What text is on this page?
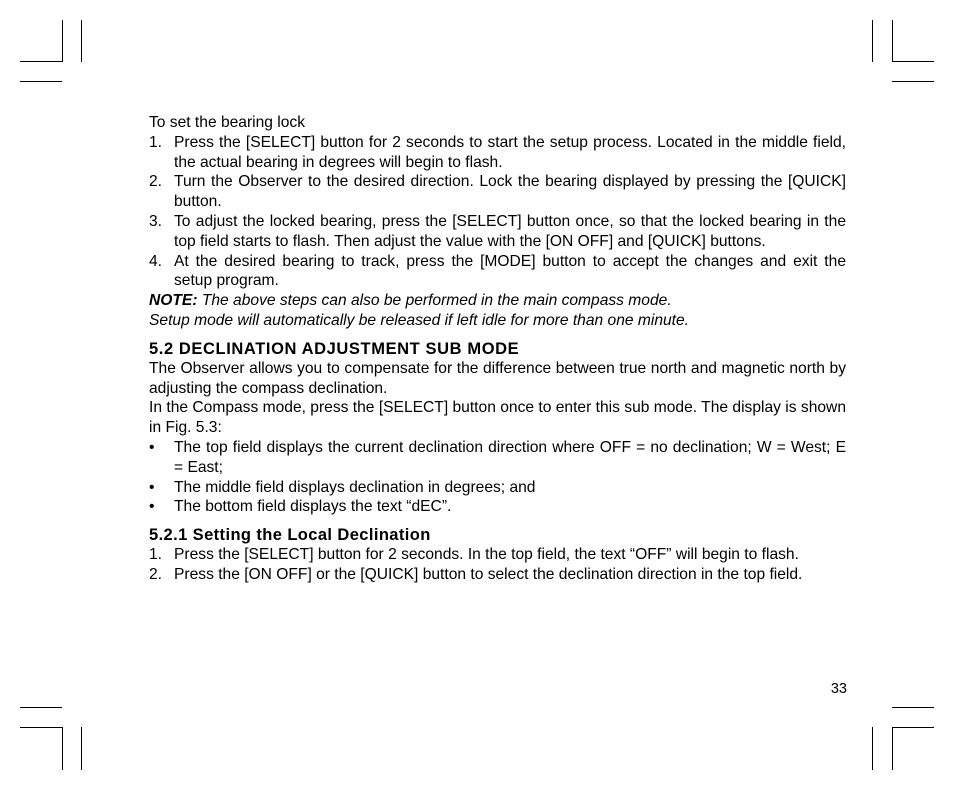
To set the bearing lock

1. Press the [SELECT] button for 2 seconds to start the setup process. Located in the middle field, the actual bearing in degrees will begin to flash.
2. Turn the Observer to the desired direction. Lock the bearing displayed by pressing the [QUICK] button.
3. To adjust the locked bearing, press the [SELECT] button once, so that the locked bearing in the top field starts to flash. Then adjust the value with the [ON OFF] and [QUICK] buttons.
4. At the desired bearing to track, press the [MODE] button to accept the changes and exit the setup program.

NOTE: The above steps can also be performed in the main compass mode.
Setup mode will automatically be released if left idle for more than one minute.

5.2 DECLINATION ADJUSTMENT SUB MODE

The Observer allows you to compensate for the difference between true north and magnetic north by adjusting the compass declination.

In the Compass mode, press the [SELECT] button once to enter this sub mode. The display is shown in Fig. 5.3:

• The top field displays the current declination direction where OFF = no declination; W = West; E = East;
• The middle field displays declination in degrees; and
• The bottom field displays the text “dEC”.
5.2.1 Setting the Local Declination
1. Press the [SELECT] button for 2 seconds. In the top field, the text “OFF” will begin to flash.
2. Press the [ON OFF] or the [QUICK] button to select the declination direction in the top field.
33
